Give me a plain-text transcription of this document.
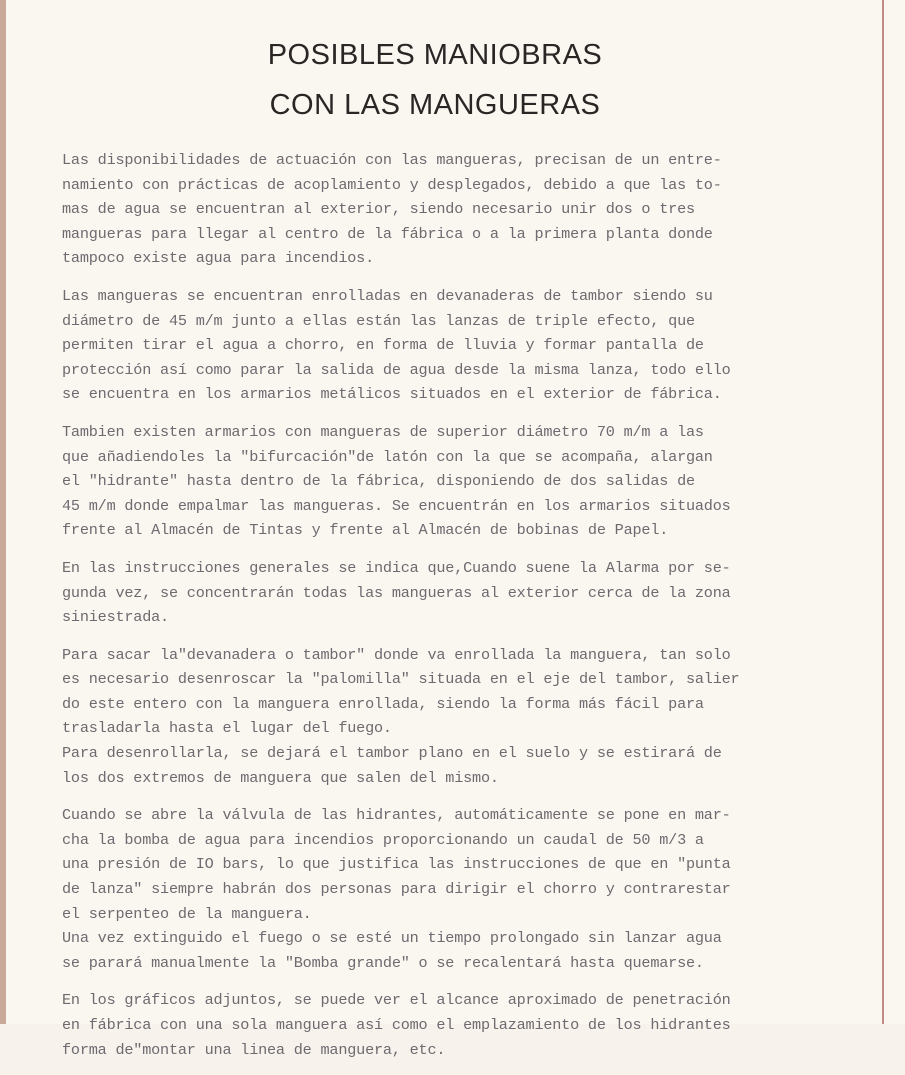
POSIBLES MANIOBRAS
CON LAS MANGUERAS
Las disponibilidades de actuación con las mangueras, precisan de un entre-
namiento con prácticas de acoplamiento y desplegados, debido a que las to-
mas de agua se encuentran al exterior, siendo necesario unir dos o tres
mangueras para llegar al centro de la fábrica o a la primera planta donde
tampoco existe agua para incendios.
Las mangueras se encuentran enrolladas en devanaderas de tambor siendo su
diámetro de 45 m/m junto a ellas están las lanzas de triple efecto, que
permiten tirar el agua a chorro, en forma de lluvia y formar pantalla de
protección así como parar la salida de agua desde la misma lanza, todo ello
se encuentra en los armarios metálicos situados en el exterior de fábrica.
Tambien existen armarios con mangueras de superior diámetro 70 m/m a las
que añadiendoles la "bifurcación"de latón con la que se acompaña, alargan
el "hidrante" hasta dentro de la fábrica, disponiendo de dos salidas de
45 m/m donde empalmar las mangueras. Se encuentrán en los armarios situados
frente al Almacén de Tintas y frente al Almacén de bobinas de Papel.
En las instrucciones generales se indica que,Cuando suene la Alarma por se-
gunda vez, se concentrarán todas las mangueras al exterior cerca de la zona
siniestrada.
Para sacar la"devanadera o tambor" donde va enrollada la manguera, tan solo
es necesario desenroscar la "palomilla" situada en el eje del tambor, salier
do este entero con la manguera enrollada, siendo la forma más fácil para
trasladarla hasta el lugar del fuego.
Para desenrollarla, se dejará el tambor plano en el suelo y se estirará de
los dos extremos de manguera que salen del mismo.
Cuando se abre la válvula de las hidrantes, automáticamente se pone en mar-
cha la bomba de agua para incendios proporcionando un caudal de 50 m/3 a
una presión de IO bars, lo que justifica las instrucciones de que en "punta
de lanza" siempre habrán dos personas para dirigir el chorro y contrarestar
el serpenteo de la manguera.
Una vez extinguido el fuego o se esté un tiempo prolongado sin lanzar agua
se parará manualmente la "Bomba grande" o se recalentará hasta quemarse.
En los gráficos adjuntos, se puede ver el alcance aproximado de penetración
en fábrica con una sola manguera así como el emplazamiento de los hidrantes
forma de"montar una linea de manguera, etc.
